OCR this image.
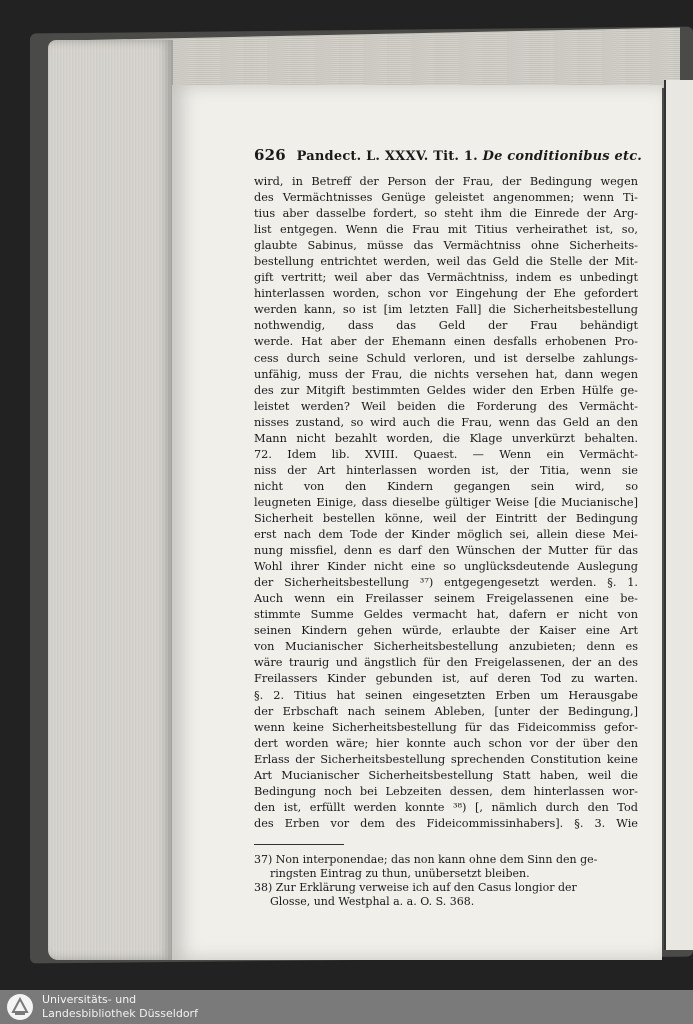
626 Pandect. L. XXXV. Tit. 1. De conditionibus etc.
wird, in Betreff der Person der Frau, der Bedingung wegen
des Vermächtnisses Genüge geleistet angenommen; wenn Ti-
tius aber dasselbe fordert, so steht ihm die Einrede der Arg-
list entgegen. Wenn die Frau mit Titius verheirathet ist, so,
glaubte Sabinus, müsse das Vermächtniss ohne Sicherheits-
bestellung entrichtet werden, weil das Geld die Stelle der Mit-
gift vertritt; weil aber das Vermächtniss, indem es unbedingt
hinterlassen worden, schon vor Eingehung der Ehe gefordert
werden kann, so ist [im letzten Fall] die Sicherheitsbestellung
nothwendig, dass das Geld der Frau behändigt
werde. Hat aber der Ehemann einen desfalls erhobenen Pro-
cess durch seine Schuld verloren, und ist derselbe zahlungs-
unfähig, muss der Frau, die nichts versehen hat, dann wegen
des zur Mitgift bestimmten Geldes wider den Erben Hülfe ge-
leistet werden? Weil beiden die Forderung des Vermächt-
nisses zustand, so wird auch die Frau, wenn das Geld an den
Mann nicht bezahlt worden, die Klage unverkürzt behalten.
72. Idem lib. XVIII. Quaest. — Wenn ein Vermächt-
niss der Art hinterlassen worden ist, der Titia, wenn sie
nicht von den Kindern gegangen sein wird, so
leugneten Einige, dass dieselbe gültiger Weise [die Mucianische]
Sicherheit bestellen könne, weil der Eintritt der Bedingung
erst nach dem Tode der Kinder möglich sei, allein diese Mei-
nung missfiel, denn es darf den Wünschen der Mutter für das
Wohl ihrer Kinder nicht eine so unglücksdeutende Auslegung
der Sicherheitsbestellung ³⁷) entgegengesetzt werden. §. 1.
Auch wenn ein Freilasser seinem Freigelassenen eine be-
stimmte Summe Geldes vermacht hat, dafern er nicht von
seinen Kindern gehen würde, erlaubte der Kaiser eine Art
von Mucianischer Sicherheitsbestellung anzubieten; denn es
wäre traurig und ängstlich für den Freigelassenen, der an des
Freilassers Kinder gebunden ist, auf deren Tod zu warten.
§. 2. Titius hat seinen eingesetzten Erben um Herausgabe
der Erbschaft nach seinem Ableben, [unter der Bedingung,]
wenn keine Sicherheitsbestellung für das Fideicommiss gefor-
dert worden wäre; hier konnte auch schon vor der über den
Erlass der Sicherheitsbestellung sprechenden Constitution keine
Art Mucianischer Sicherheitsbestellung Statt haben, weil die
Bedingung noch bei Lebzeiten dessen, dem hinterlassen wor-
den ist, erfüllt werden konnte ³⁸) [, nämlich durch den Tod
des Erben vor dem des Fideicommissinhabers]. §. 3. Wie
37) Non interponendae; das non kann ohne dem Sinn den ge-
ringsten Eintrag zu thun, unübersetzt bleiben.
38) Zur Erklärung verweise ich auf den Casus longior der
Glosse, und Westphal a. a. O. S. 368.
Universitäts- und
Landesbibliothek Düsseldorf
